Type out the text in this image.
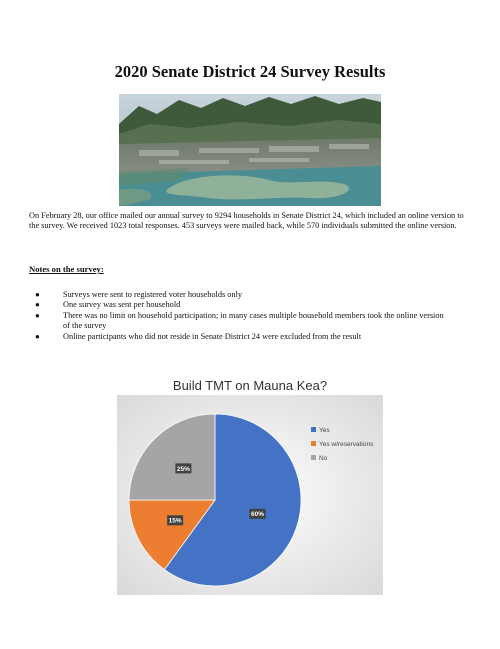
2020 Senate District 24 Survey Results

On February 28, our office mailed our annual survey to 9294 households in Senate District 24, which included an online version to the survey. We received 1023 total responses. 453 surveys were mailed back, while 570 individuals submitted the online version.

Notes on the survey:

●	Surveys were sent to registered voter households only
●	One survey was sent per household
●	There was no limit on household participation; in many cases multiple household members took the online version of the survey
●	Online participants who did not reside in Senate District 24 were excluded from the result

Build TMT on Mauna Kea?

60%
15%
25%
Yes
Yes w/reservations
No
